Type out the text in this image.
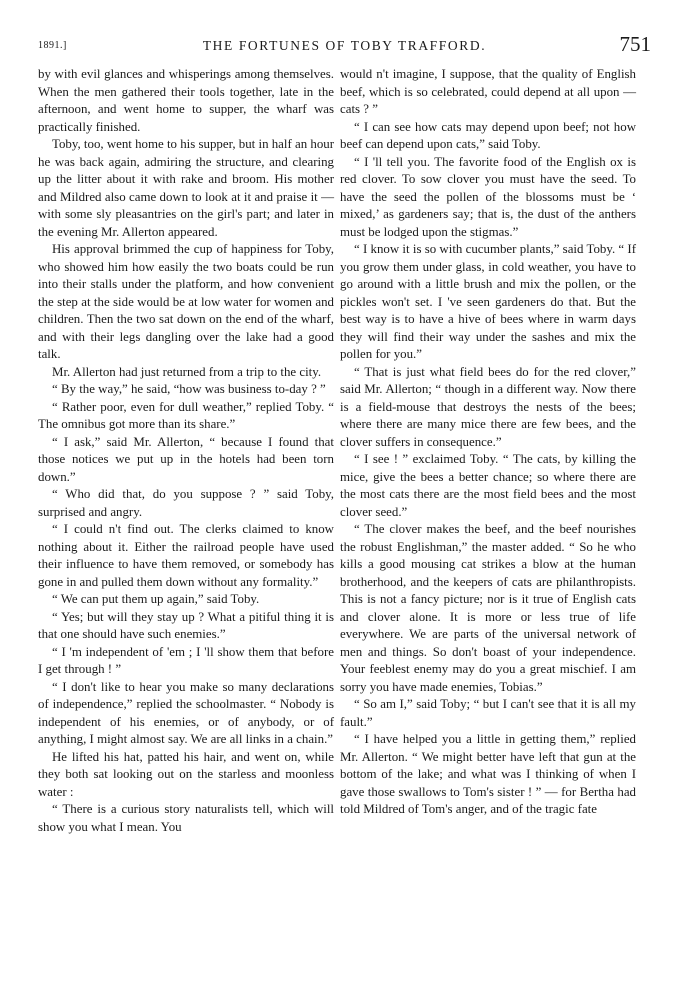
1891.]	THE FORTUNES OF TOBY TRAFFORD.	751

by with evil glances and whisperings among themselves. When the men gathered their tools together, late in the afternoon, and went home to supper, the wharf was practically finished.

Toby, too, went home to his supper, but in half an hour he was back again, admiring the structure, and clearing up the litter about it with rake and broom. His mother and Mildred also came down to look at it and praise it — with some sly pleasantries on the girl's part; and later in the evening Mr. Allerton appeared.

His approval brimmed the cup of happiness for Toby, who showed him how easily the two boats could be run into their stalls under the platform, and how convenient the step at the side would be at low water for women and children. Then the two sat down on the end of the wharf, and with their legs dangling over the lake had a good talk.

Mr. Allerton had just returned from a trip to the city.

“ By the way,” he said, “how was business to-day ? ”

“ Rather poor, even for dull weather,” replied Toby. “ The omnibus got more than its share.”

“ I ask,” said Mr. Allerton, “ because I found that those notices we put up in the hotels had been torn down.”

“ Who did that, do you suppose ? ” said Toby, surprised and angry.

“ I could n't find out. The clerks claimed to know nothing about it. Either the railroad people have used their influence to have them removed, or somebody has gone in and pulled them down without any formality.”

“ We can put them up again,” said Toby.

“ Yes; but will they stay up ? What a pitiful thing it is that one should have such enemies.”

“ I 'm independent of 'em ; I 'll show them that before I get through ! ”

“ I don't like to hear you make so many declarations of independence,” replied the schoolmaster. “ Nobody is independent of his enemies, or of anybody, or of anything, I might almost say. We are all links in a chain.”

He lifted his hat, patted his hair, and went on, while they both sat looking out on the starless and moonless water :

“ There is a curious story naturalists tell, which will show you what I mean. You

would n't imagine, I suppose, that the quality of English beef, which is so celebrated, could depend at all upon — cats ? ”

“ I can see how cats may depend upon beef; not how beef can depend upon cats,” said Toby.

“ I 'll tell you. The favorite food of the English ox is red clover. To sow clover you must have the seed. To have the seed the pollen of the blossoms must be ‘ mixed,’ as gardeners say; that is, the dust of the anthers must be lodged upon the stigmas.”

“ I know it is so with cucumber plants,” said Toby. “ If you grow them under glass, in cold weather, you have to go around with a little brush and mix the pollen, or the pickles won't set. I 've seen gardeners do that. But the best way is to have a hive of bees where in warm days they will find their way under the sashes and mix the pollen for you.”

“ That is just what field bees do for the red clover,” said Mr. Allerton; “ though in a different way. Now there is a field-mouse that destroys the nests of the bees; where there are many mice there are few bees, and the clover suffers in consequence.”

“ I see ! ” exclaimed Toby. “ The cats, by killing the mice, give the bees a better chance; so where there are the most cats there are the most field bees and the most clover seed.”

“ The clover makes the beef, and the beef nourishes the robust Englishman,” the master added. “ So he who kills a good mousing cat strikes a blow at the human brotherhood, and the keepers of cats are philanthropists. This is not a fancy picture; nor is it true of English cats and clover alone. It is more or less true of life everywhere. We are parts of the universal network of men and things. So don't boast of your independence. Your feeblest enemy may do you a great mischief. I am sorry you have made enemies, Tobias.”

“ So am I,” said Toby; “ but I can't see that it is all my fault.”

“ I have helped you a little in getting them,” replied Mr. Allerton. “ We might better have left that gun at the bottom of the lake; and what was I thinking of when I gave those swallows to Tom's sister ! ” — for Bertha had told Mildred of Tom's anger, and of the tragic fate
